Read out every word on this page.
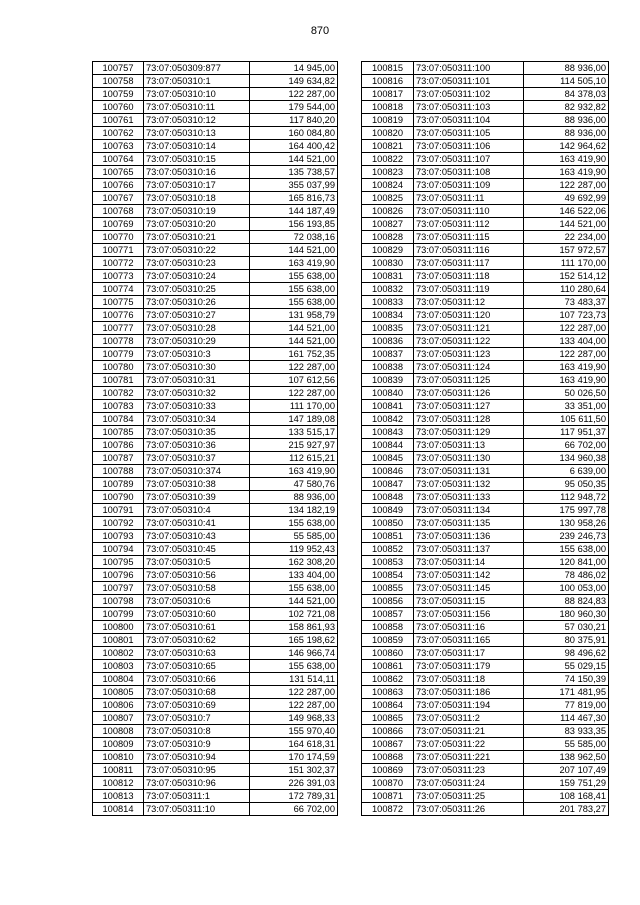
870
100757	73:07:050309:877	14 945,00
100758	73:07:050310:1	149 634,82
100759	73:07:050310:10	122 287,00
100760	73:07:050310:11	179 544,00
100761	73:07:050310:12	117 840,20
100762	73:07:050310:13	160 084,80
100763	73:07:050310:14	164 400,42
100764	73:07:050310:15	144 521,00
100765	73:07:050310:16	135 738,57
100766	73:07:050310:17	355 037,99
100767	73:07:050310:18	165 816,73
100768	73:07:050310:19	144 187,49
100769	73:07:050310:20	156 193,85
100770	73:07:050310:21	72 038,16
100771	73:07:050310:22	144 521,00
100772	73:07:050310:23	163 419,90
100773	73:07:050310:24	155 638,00
100774	73:07:050310:25	155 638,00
100775	73:07:050310:26	155 638,00
100776	73:07:050310:27	131 958,79
100777	73:07:050310:28	144 521,00
100778	73:07:050310:29	144 521,00
100779	73:07:050310:3	161 752,35
100780	73:07:050310:30	122 287,00
100781	73:07:050310:31	107 612,56
100782	73:07:050310:32	122 287,00
100783	73:07:050310:33	111 170,00
100784	73:07:050310:34	147 189,08
100785	73:07:050310:35	133 515,17
100786	73:07:050310:36	215 927,97
100787	73:07:050310:37	112 615,21
100788	73:07:050310:374	163 419,90
100789	73:07:050310:38	47 580,76
100790	73:07:050310:39	88 936,00
100791	73:07:050310:4	134 182,19
100792	73:07:050310:41	155 638,00
100793	73:07:050310:43	55 585,00
100794	73:07:050310:45	119 952,43
100795	73:07:050310:5	162 308,20
100796	73:07:050310:56	133 404,00
100797	73:07:050310:58	155 638,00
100798	73:07:050310:6	144 521,00
100799	73:07:050310:60	102 721,08
100800	73:07:050310:61	158 861,93
100801	73:07:050310:62	165 198,62
100802	73:07:050310:63	146 966,74
100803	73:07:050310:65	155 638,00
100804	73:07:050310:66	131 514,11
100805	73:07:050310:68	122 287,00
100806	73:07:050310:69	122 287,00
100807	73:07:050310:7	149 968,33
100808	73:07:050310:8	155 970,40
100809	73:07:050310:9	164 618,31
100810	73:07:050310:94	170 174,59
100811	73:07:050310:95	151 302,37
100812	73:07:050310:96	226 391,03
100813	73:07:050311:1	172 789,31
100814	73:07:050311:10	66 702,00
100815	73:07:050311:100	88 936,00
100816	73:07:050311:101	114 505,10
100817	73:07:050311:102	84 378,03
100818	73:07:050311:103	82 932,82
100819	73:07:050311:104	88 936,00
100820	73:07:050311:105	88 936,00
100821	73:07:050311:106	142 964,62
100822	73:07:050311:107	163 419,90
100823	73:07:050311:108	163 419,90
100824	73:07:050311:109	122 287,00
100825	73:07:050311:11	49 692,99
100826	73:07:050311:110	146 522,06
100827	73:07:050311:112	144 521,00
100828	73:07:050311:115	22 234,00
100829	73:07:050311:116	157 972,57
100830	73:07:050311:117	111 170,00
100831	73:07:050311:118	152 514,12
100832	73:07:050311:119	110 280,64
100833	73:07:050311:12	73 483,37
100834	73:07:050311:120	107 723,73
100835	73:07:050311:121	122 287,00
100836	73:07:050311:122	133 404,00
100837	73:07:050311:123	122 287,00
100838	73:07:050311:124	163 419,90
100839	73:07:050311:125	163 419,90
100840	73:07:050311:126	50 026,50
100841	73:07:050311:127	33 351,00
100842	73:07:050311:128	105 611,50
100843	73:07:050311:129	117 951,37
100844	73:07:050311:13	66 702,00
100845	73:07:050311:130	134 960,38
100846	73:07:050311:131	6 639,00
100847	73:07:050311:132	95 050,35
100848	73:07:050311:133	112 948,72
100849	73:07:050311:134	175 997,78
100850	73:07:050311:135	130 958,26
100851	73:07:050311:136	239 246,73
100852	73:07:050311:137	155 638,00
100853	73:07:050311:14	120 841,00
100854	73:07:050311:142	78 486,02
100855	73:07:050311:145	100 053,00
100856	73:07:050311:15	88 824,83
100857	73:07:050311:156	180 960,30
100858	73:07:050311:16	57 030,21
100859	73:07:050311:165	80 375,91
100860	73:07:050311:17	98 496,62
100861	73:07:050311:179	55 029,15
100862	73:07:050311:18	74 150,39
100863	73:07:050311:186	171 481,95
100864	73:07:050311:194	77 819,00
100865	73:07:050311:2	114 467,30
100866	73:07:050311:21	83 933,35
100867	73:07:050311:22	55 585,00
100868	73:07:050311:221	138 962,50
100869	73:07:050311:23	207 107,49
100870	73:07:050311:24	159 751,29
100871	73:07:050311:25	108 168,41
100872	73:07:050311:26	201 783,27
